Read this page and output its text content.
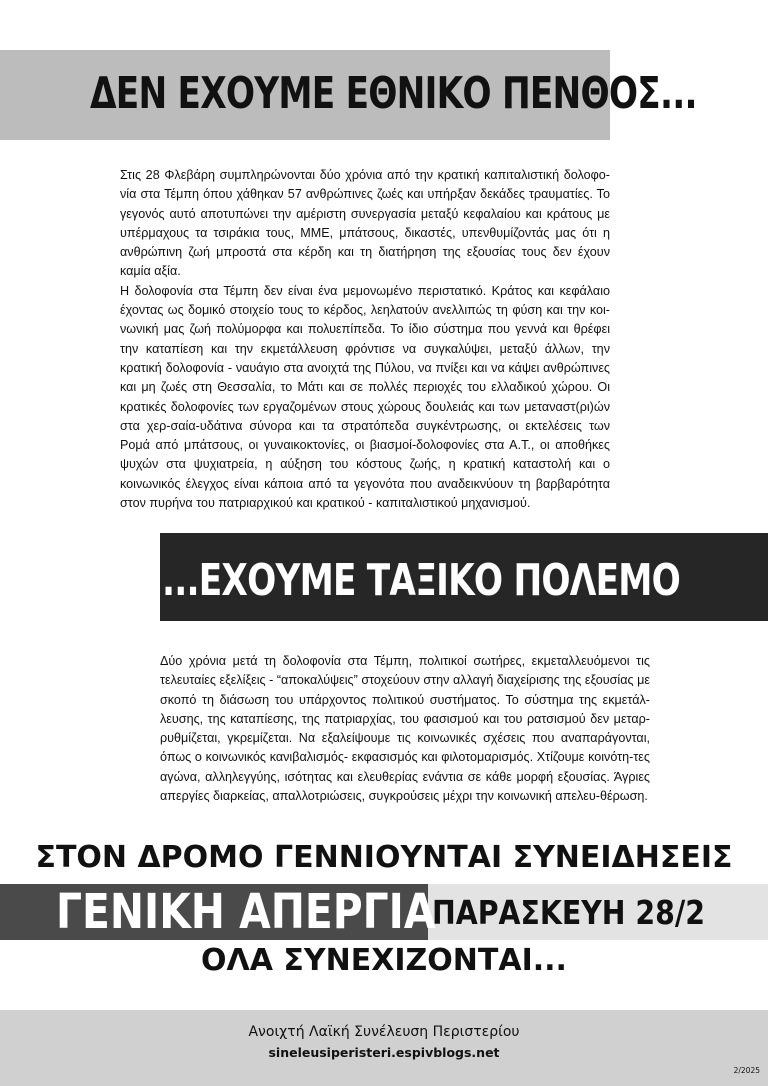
ΔΕΝ ΕΧΟΥΜΕ ΕΘΝΙΚΟ ΠΕΝΘΟΣ...

Στις 28 Φλεβάρη συμπληρώνονται δύο χρόνια από την κρατική καπιταλιστική δολοφο-νία στα Τέμπη όπου χάθηκαν 57 ανθρώπινες ζωές και υπήρξαν δεκάδες τραυματίες. Το γεγονός αυτό αποτυπώνει την αμέριστη συνεργασία μεταξύ κεφαλαίου και κράτους με υπέρμαχους τα τσιράκια τους, ΜΜΕ, μπάτσους, δικαστές, υπενθυμίζοντάς μας ότι η ανθρώπινη ζωή μπροστά στα κέρδη και τη διατήρηση της εξουσίας τους δεν έχουν καμία αξία.

Η δολοφονία στα Τέμπη δεν είναι ένα μεμονωμένο περιστατικό. Κράτος και κεφάλαιο έχοντας ως δομικό στοιχείο τους το κέρδος, λεηλατούν ανελλιπώς τη φύση και την κοι-νωνική μας ζωή πολύμορφα και πολυεπίπεδα. Το ίδιο σύστημα που γεννά και θρέφει την καταπίεση και την εκμετάλλευση φρόντισε να συγκαλύψει, μεταξύ άλλων, την κρατική δολοφονία - ναυάγιο στα ανοιχτά της Πύλου, να πνίξει και να κάψει ανθρώπινες και μη ζωές στη Θεσσαλία, το Μάτι και σε πολλές περιοχές του ελλαδικού χώρου. Οι κρατικές δολοφονίες των εργαζομένων στους χώρους δουλειάς και των μεταναστ(ρι)ών στα χερ-σαία-υδάτινα σύνορα και τα στρατόπεδα συγκέντρωσης, οι εκτελέσεις των Ρομά από μπάτσους, οι γυναικοκτονίες, οι βιασμοί-δολοφονίες στα Α.Τ., οι αποθήκες ψυχών στα ψυχιατρεία, η αύξηση του κόστους ζωής, η κρατική καταστολή και ο κοινωνικός έλεγχος είναι κάποια από τα γεγονότα που αναδεικνύουν τη βαρβαρότητα στον πυρήνα του πατριαρχικού και κρατικού - καπιταλιστικού μηχανισμού.

...ΕΧΟΥΜΕ ΤΑΞΙΚΟ ΠΟΛΕΜΟ

Δύο χρόνια μετά τη δολοφονία στα Τέμπη, πολιτικοί σωτήρες, εκμεταλλευόμενοι τις τελευταίες εξελίξεις - “αποκαλύψεις” στοχεύουν στην αλλαγή διαχείρισης της εξουσίας με σκοπό τη διάσωση του υπάρχοντος πολιτικού συστήματος. Το σύστημα της εκμετάλ-λευσης, της καταπίεσης, της πατριαρχίας, του φασισμού και του ρατσισμού δεν μεταρ-ρυθμίζεται, γκρεμίζεται. Να εξαλείψουμε τις κοινωνικές σχέσεις που αναπαράγονται, όπως ο κοινωνικός κανιβαλισμός- εκφασισμός και φιλοτομαρισμός. Χτίζουμε κοινότη-τες αγώνα, αλληλεγγύης, ισότητας και ελευθερίας ενάντια σε κάθε μορφή εξουσίας. Άγριες απεργίες διαρκείας, απαλλοτριώσεις, συγκρούσεις μέχρι την κοινωνική απελευ-θέρωση.

ΣΤΟΝ ΔΡΟΜΟ ΓΕΝΝΙΟΥΝΤΑΙ ΣΥΝΕΙΔΗΣΕΙΣ

ΓΕΝΙΚΗ ΑΠΕΡΓΙΑ

ΠΑΡΑΣΚΕΥΗ 28/2

ΟΛΑ ΣΥΝΕΧΙΖΟΝΤΑΙ...

Ανοιχτή Λαϊκή Συνέλευση Περιστερίου
sineleusiperisteri.espivblogs.net
2/2025
